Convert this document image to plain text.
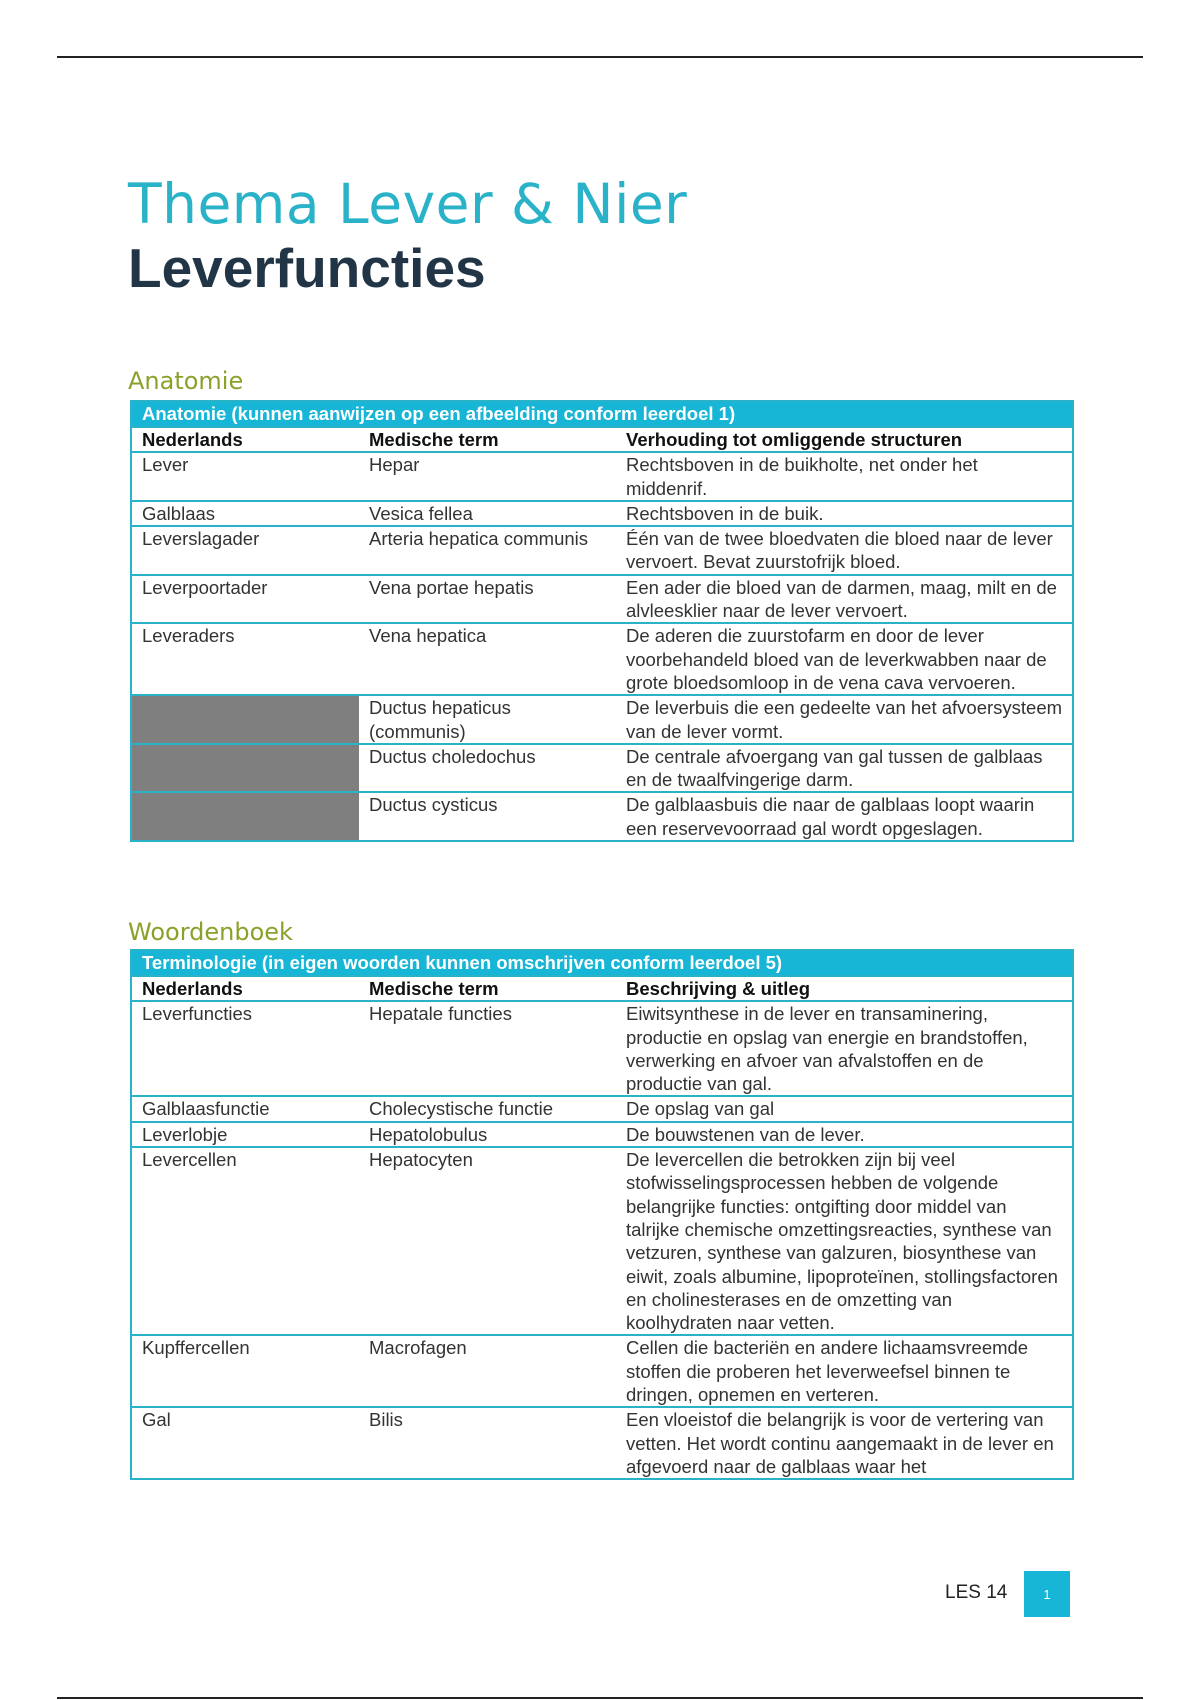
Thema Lever & Nier
Leverfuncties
Anatomie
Anatomie (kunnen aanwijzen op een afbeelding conform leerdoel 1)		
Nederlands	Medische term	Verhouding tot omliggende structuren
Lever	Hepar	Rechtsboven in de buikholte, net onder het middenrif.
Galblaas	Vesica fellea	Rechtsboven in de buik.
Leverslagader	Arteria hepatica communis	Één van de twee bloedvaten die bloed naar de lever vervoert. Bevat zuurstofrijk bloed.
Leverpoortader	Vena portae hepatis	Een ader die bloed van de darmen, maag, milt en de alvleesklier naar de lever vervoert.
Leveraders	Vena hepatica	De aderen die zuurstofarm en door de lever voorbehandeld bloed van de leverkwabben naar de grote bloedsomloop in de vena cava vervoeren.
	Ductus hepaticus (communis)	De leverbuis die een gedeelte van het afvoersysteem van de lever vormt.
	Ductus choledochus	De centrale afvoergang van gal tussen de galblaas en de twaalfvingerige darm.
	Ductus cysticus	De galblaasbuis die naar de galblaas loopt waarin een reservevoorraad gal wordt opgeslagen.
Woordenboek
Terminologie (in eigen woorden kunnen omschrijven conform leerdoel 5)		
Nederlands	Medische term	Beschrijving & uitleg
Leverfuncties	Hepatale functies	Eiwitsynthese in de lever en transaminering, productie en opslag van energie en brandstoffen, verwerking en afvoer van afvalstoffen en de productie van gal.
Galblaasfunctie	Cholecystische functie	De opslag van gal
Leverlobje	Hepatolobulus	De bouwstenen van de lever.
Levercellen	Hepatocyten	De levercellen die betrokken zijn bij veel stofwisselingsprocessen hebben de volgende belangrijke functies: ontgifting door middel van talrijke chemische omzettingsreacties, synthese van vetzuren, synthese van galzuren, biosynthese van eiwit, zoals albumine, lipoproteïnen, stollingsfactoren en cholinesterases en de omzetting van koolhydraten naar vetten.
Kupffercellen	Macrofagen	Cellen die bacteriën en andere lichaamsvreemde stoffen die proberen het leverweefsel binnen te dringen, opnemen en verteren.
Gal	Bilis	Een vloeistof die belangrijk is voor de vertering van vetten. Het wordt continu aangemaakt in de lever en afgevoerd naar de galblaas waar het
LES 14	1
